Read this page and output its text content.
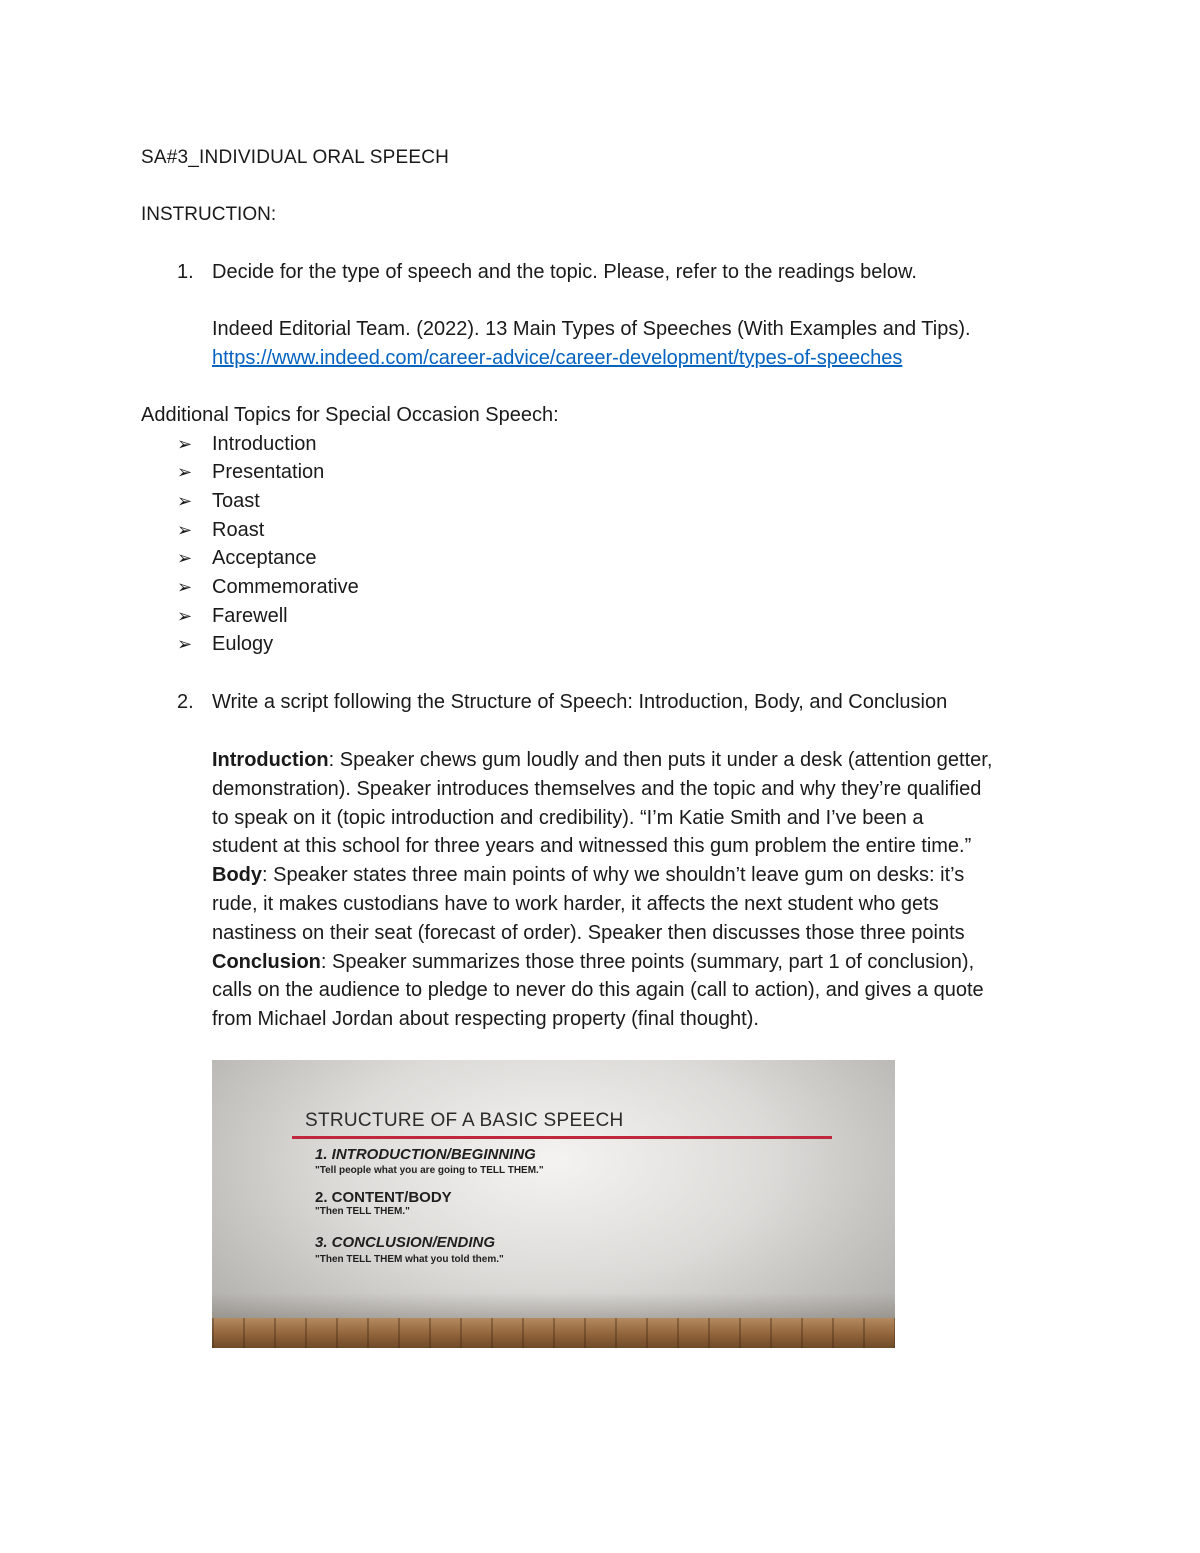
SA#3_INDIVIDUAL ORAL SPEECH
INSTRUCTION:
1. Decide for the type of speech and the topic. Please, refer to the readings below.
Indeed Editorial Team. (2022). 13 Main Types of Speeches (With Examples and Tips).
https://www.indeed.com/career-advice/career-development/types-of-speeches
Additional Topics for Special Occasion Speech:
➢ Introduction
➢ Presentation
➢ Toast
➢ Roast
➢ Acceptance
➢ Commemorative
➢ Farewell
➢ Eulogy
2. Write a script following the Structure of Speech: Introduction, Body, and Conclusion
Introduction: Speaker chews gum loudly and then puts it under a desk (attention getter,
demonstration). Speaker introduces themselves and the topic and why they’re qualified
to speak on it (topic introduction and credibility). “I’m Katie Smith and I’ve been a
student at this school for three years and witnessed this gum problem the entire time.”
Body: Speaker states three main points of why we shouldn’t leave gum on desks: it’s
rude, it makes custodians have to work harder, it affects the next student who gets
nastiness on their seat (forecast of order). Speaker then discusses those three points
Conclusion: Speaker summarizes those three points (summary, part 1 of conclusion),
calls on the audience to pledge to never do this again (call to action), and gives a quote
from Michael Jordan about respecting property (final thought).
STRUCTURE OF A BASIC SPEECH
1. INTRODUCTION/BEGINNING
"Tell people what you are going to TELL THEM."
2. CONTENT/BODY
"Then TELL THEM."
3. CONCLUSION/ENDING
"Then TELL THEM what you told them."
